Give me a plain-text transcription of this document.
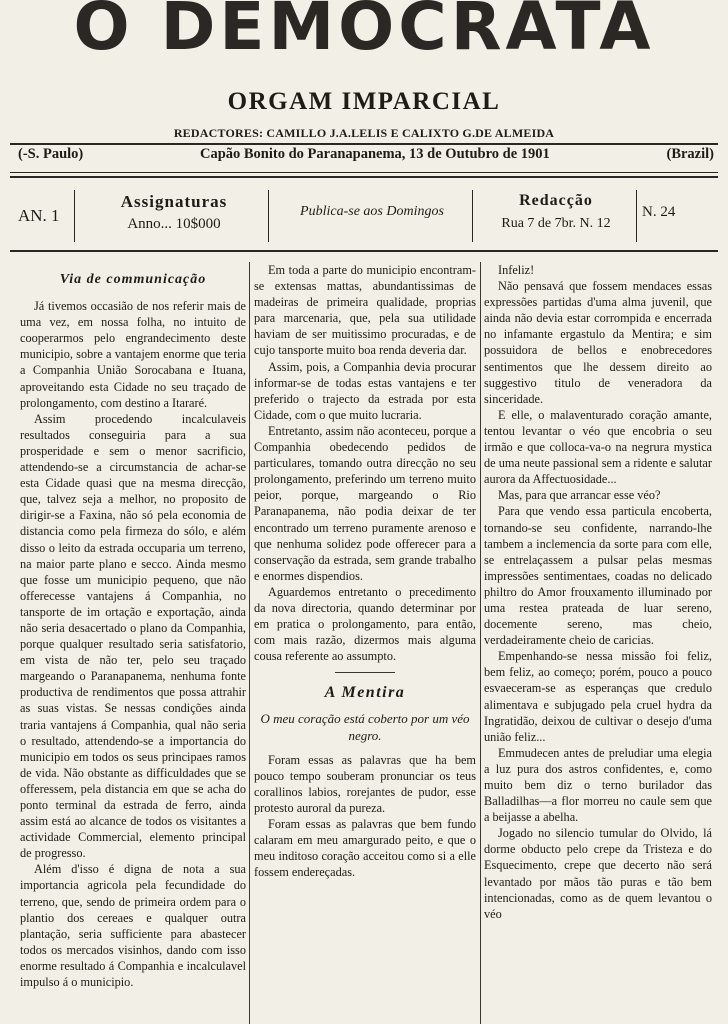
O DEMOCRATA
ORGAM IMPARCIAL
REDACTORES: CAMILLO J.A.LELIS E CALIXTO G.DE ALMEIDA
(-S. Paulo)	Capão Bonito do Paranapanema, 13 de Outubro de 1901	(Brazil)
AN. 1
Assignaturas
Anno... 10$000
Publica-se aos Domingos
Redacção
Rua 7 de 7br. N. 12
N. 24
Via de communicação

Já tivemos occasião de nos referir mais de uma vez, em nossa folha, no intuito de cooperarmos pelo engrandecimento deste municipio, sobre a vantajem enorme que teria a Companhia União Sorocabana e Ituana, aproveitando esta Cidade no seu traçado de prolongamento, com destino a Itararé.

Assim procedendo incalculaveis resultados conseguiria para a sua prosperidade e sem o menor sacrificio, attendendo-se a circumstancia de achar-se esta Cidade quasi que na mesma direcção, que, talvez seja a melhor, no proposito de dirigir-se a Faxina, não só pela economia de distancia como pela firmeza do sólo, e além disso o leito da estrada occuparia um terreno, na maior parte plano e secco. Ainda mesmo que fosse um municipio pequeno, que não offerecesse vantajens á Companhia, no tansporte de im ortação e exportação, ainda não seria desacertado o plano da Companhia, porque qualquer resultado seria satisfatorio, em vista de não ter, pelo seu traçado margeando o Paranapanema, nenhuma fonte productiva de rendimentos que possa attrahir as suas vistas. Se nessas condições ainda traria vantajens á Companhia, qual não seria o resultado, attendendo-se a importancia do municipio em todos os seus principaes ramos de vida. Não obstante as difficuldades que se offeressem, pela distancia em que se acha do ponto terminal da estrada de ferro, ainda assim está ao alcance de todos os visitantes a actividade Commercial, elemento principal de progresso.

Além d'isso é digna de nota a sua importancia agricola pela fecundidade do terreno, que, sendo de primeira ordem para o plantio dos cereaes e qualquer outra plantação, seria sufficiente para abastecer todos os mercados visinhos, dando com isso enorme resultado á Companhia e incalculavel impulso á o municipio.

Em toda a parte do municipio encontram-se extensas mattas, abundantissimas de madeiras de primeira qualidade, proprias para marcenaria, que, pela sua utilidade haviam de ser muitissimo procuradas, e de cujo tansporte muito boa renda deveria dar.

Assim, pois, a Companhia devia procurar informar-se de todas estas vantajens e ter preferido o trajecto da estrada por esta Cidade, com o que muito lucraria.

Entretanto, assim não aconteceu, porque a Companhia obedecendo pedidos de particulares, tomando outra direcção no seu prolongamento, preferindo um terreno muito peior, porque, margeando o Rio Paranapanema, não podia deixar de ter encontrado um terreno puramente arenoso e que nenhuma solidez pode offerecer para a conservação da estrada, sem grande trabalho e enormes dispendios.

Aguardemos entretanto o precedimento da nova directoria, quando determinar por em pratica o prolongamento, para então, com mais razão, dizermos mais alguma cousa referente ao assumpto.

A Mentira
O meu coração está coberto por um véo negro.

Foram essas as palavras que ha bem pouco tempo souberam pronunciar os teus corallinos labios, rorejantes de pudor, esse protesto auroral da pureza.

Foram essas as palavras que bem fundo calaram em meu amargurado peito, e que o meu inditoso coração acceitou como si a elle fossem endereçadas.

Infeliz!

Não pensavá que fossem mendaces essas expressões partidas d'uma alma juvenil, que ainda não devia estar corrompida e encerrada no infamante ergastulo da Mentira; e sim possuidora de bellos e enobrecedores sentimentos que lhe dessem direito ao suggestivo titulo de veneradora da sinceridade.

E elle, o malaventurado coração amante, tentou levantar o véo que encobria o seu irmão e que colloca-va-o na negrura mystica de uma neute passional sem a ridente e salutar aurora da Affectuosidade...

Mas, para que arrancar esse véo?

Para que vendo essa particula encoberta, tornando-se seu confidente, narrando-lhe tambem a inclemencia da sorte para com elle, se entrelaçassem a pulsar pelas mesmas impressões sentimentaes, coadas no delicado philtro do Amor frouxamento illuminado por uma restea prateada de luar sereno, docemente sereno, mas cheio, verdadeiramente cheio de caricias.

Empenhando-se nessa missão foi feliz, bem feliz, ao começo; porém, pouco a pouco esvaeceram-se as esperanças que credulo alimentava e subjugado pela cruel hydra da Ingratidão, deixou de cultivar o desejo d'uma união feliz...

Emmudecen antes de preludiar uma elegia a luz pura dos astros confidentes, e, como muito bem diz o terno burilador das Balladilhas—a flor morreu no caule sem que a beijasse a abelha.

Jogado no silencio tumular do Olvido, lá dorme obducto pelo crepe da Tristeza e do Esquecimento, crepe que decerto não será levantado por mãos tão puras e tão bem intencionadas, como as de quem levantou o véo
